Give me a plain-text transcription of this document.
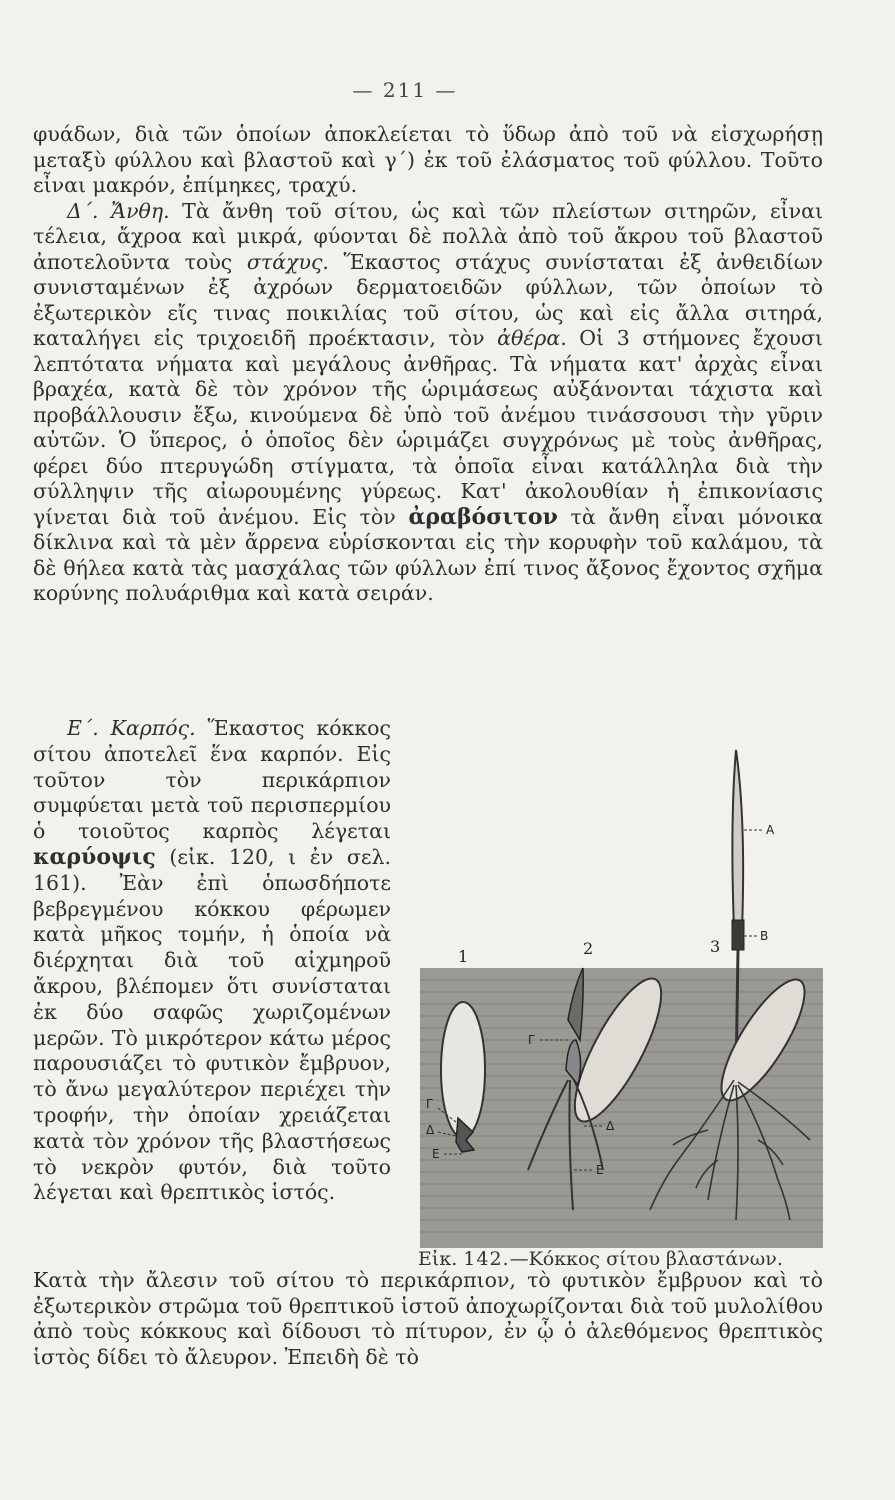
— 211 —

φυάδων, διὰ τῶν ὁποίων ἀποκλείεται τὸ ὕδωρ ἀπὸ τοῦ νὰ εἰσχωρήσῃ μεταξὺ φύλλου καὶ βλαστοῦ καὶ γ΄) ἐκ τοῦ ἐλάσματος τοῦ φύλλου. Τοῦτο εἶναι μακρόν, ἐπίμηκες, τραχύ.

Δ΄. Ἄνθη. Τὰ ἄνθη τοῦ σίτου, ὡς καὶ τῶν πλείστων σιτηρῶν, εἶναι τέλεια, ἄχροα καὶ μικρά, φύονται δὲ πολλὰ ἀπὸ τοῦ ἄκρου τοῦ βλαστοῦ ἀποτελοῦντα τοὺς στάχυς. Ἕκαστος στάχυς συνίσταται ἐξ ἀνθειδίων συνισταμένων ἐξ ἀχρόων δερματοειδῶν φύλλων, τῶν ὁποίων τὸ ἐξωτερικὸν εἴς τινας ποικιλίας τοῦ σίτου, ὡς καὶ εἰς ἄλλα σιτηρά, καταλήγει εἰς τριχοειδῆ προέκτασιν, τὸν ἀθέρα. Οἱ 3 στήμονες ἔχουσι λεπτότατα νήματα καὶ μεγάλους ἀνθῆρας. Τὰ νήματα κατ' ἀρχὰς εἶναι βραχέα, κατὰ δὲ τὸν χρόνον τῆς ὡριμάσεως αὐξάνονται τάχιστα καὶ προβάλλουσιν ἔξω, κινούμενα δὲ ὑπὸ τοῦ ἀνέμου τινάσσουσι τὴν γῦριν αὐτῶν. Ὁ ὕπερος, ὁ ὁποῖος δὲν ὡριμάζει συγχρόνως μὲ τοὺς ἀνθῆρας, φέρει δύο πτερυγώδη στίγματα, τὰ ὁποῖα εἶναι κατάλληλα διὰ τὴν σύλληψιν τῆς αἰωρουμένης γύρεως. Κατ' ἀκολουθίαν ἡ ἐπικονίασις γίνεται διὰ τοῦ ἀνέμου. Εἰς τὸν ἀραβόσιτον τὰ ἄνθη εἶναι μόνοικα δίκλινα καὶ τὰ μὲν ἄρρενα εὑρίσκονται εἰς τὴν κορυφὴν τοῦ καλάμου, τὰ δὲ θήλεα κατὰ τὰς μασχάλας τῶν φύλλων ἐπί τινος ἄξονος ἔχοντος σχῆμα κορύνης πολυάριθμα καὶ κατὰ σειράν.

Ε΄. Καρπός. Ἕκαστος κόκκος σίτου ἀποτελεῖ ἕνα καρπόν. Εἰς τοῦτον τὸν περικάρπιον συμφύεται μετὰ τοῦ περισπερμίου ὁ τοιοῦτος καρπὸς λέγεται καρύοψις (εἰκ. 120, ι ἐν σελ. 161). Ἐὰν ἐπὶ ὁπωσδήποτε βεβρεγμένου κόκκου φέρωμεν κατὰ μῆκος τομήν, ἡ ὁποία νὰ διέρχηται διὰ τοῦ αἰχμηροῦ ἄκρου, βλέπομεν ὅτι συνίσταται ἐκ δύο σαφῶς χωριζομένων μερῶν. Τὸ μικρότερον κάτω μέρος παρουσιάζει τὸ φυτικὸν ἔμβρυον, τὸ ἄνω μεγαλύτερον περιέχει τὴν τροφήν, τὴν ὁποίαν χρειάζεται κατὰ τὸν χρόνον τῆς βλαστήσεως τὸ νεκρὸν φυτόν, διὰ τοῦτο λέγεται καὶ θρεπτικὸς ἱστός.

1	2	3
A
B
Γ
Γ
Δ	Δ
Ε
Ε
Εἰκ. 142.—Κόκκος σίτου βλαστάνων.

Κατὰ τὴν ἄλεσιν τοῦ σίτου τὸ περικάρπιον, τὸ φυτικὸν ἔμβρυον καὶ τὸ ἐξωτερικὸν στρῶμα τοῦ θρεπτικοῦ ἱστοῦ ἀποχωρίζονται διὰ τοῦ μυλολίθου ἀπὸ τοὺς κόκκους καὶ δίδουσι τὸ πίτυρον, ἐν ᾧ ὁ ἀλεθόμενος θρεπτικὸς ἱστὸς δίδει τὸ ἄλευρον. Ἐπειδὴ δὲ τὸ
